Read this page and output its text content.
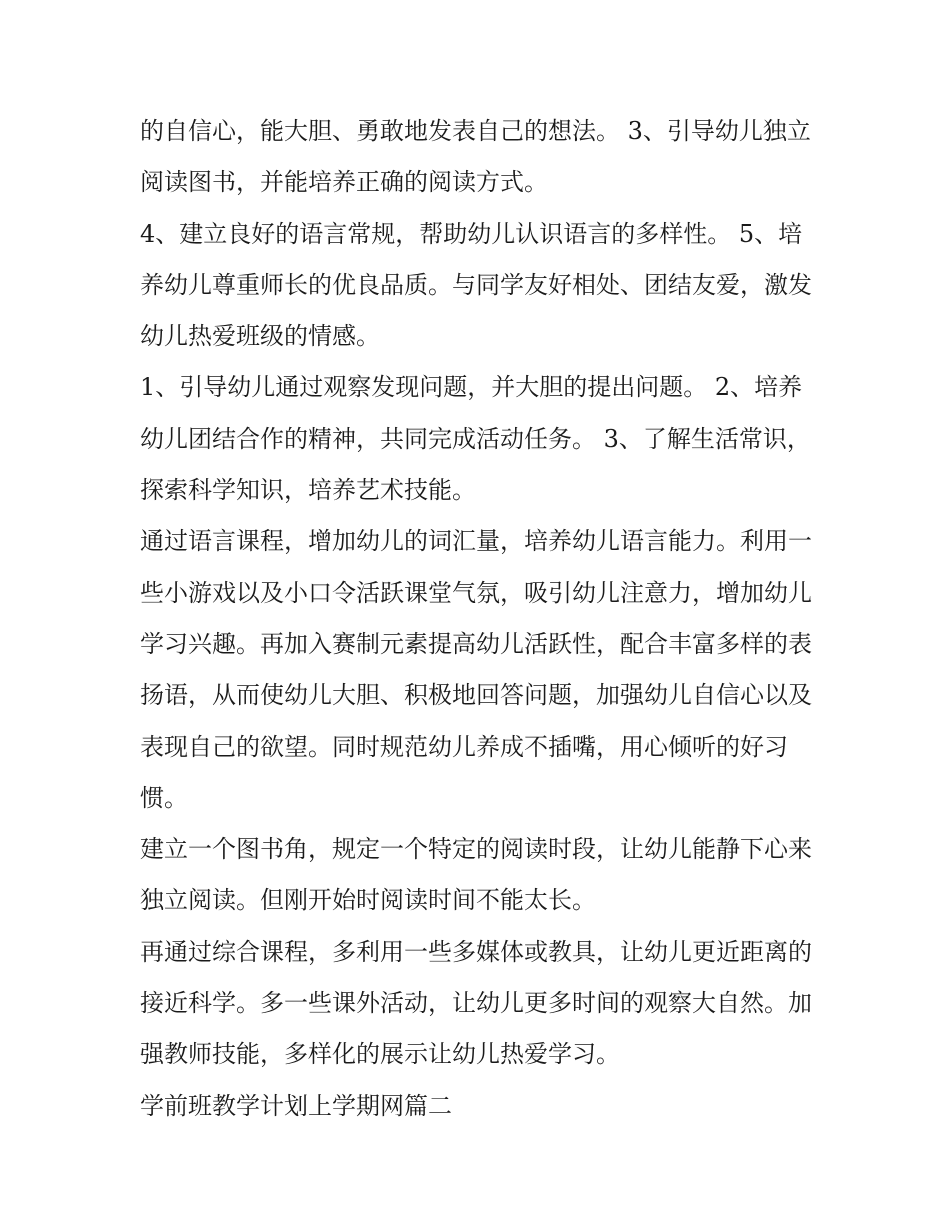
的自信心，能大胆、勇敢地发表自己的想法。 3、引导幼儿独立阅读图书，并能培养正确的阅读方式。

4、建立良好的语言常规，帮助幼儿认识语言的多样性。 5、培养幼儿尊重师长的优良品质。与同学友好相处、团结友爱，激发幼儿热爱班级的情感。

1、引导幼儿通过观察发现问题，并大胆的提出问题。 2、培养幼儿团结合作的精神，共同完成活动任务。 3、了解生活常识，探索科学知识，培养艺术技能。

通过语言课程，增加幼儿的词汇量，培养幼儿语言能力。利用一些小游戏以及小口令活跃课堂气氛，吸引幼儿注意力，增加幼儿学习兴趣。再加入赛制元素提高幼儿活跃性，配合丰富多样的表扬语，从而使幼儿大胆、积极地回答问题，加强幼儿自信心以及表现自己的欲望。同时规范幼儿养成不插嘴，用心倾听的好习惯。

建立一个图书角，规定一个特定的阅读时段，让幼儿能静下心来独立阅读。但刚开始时阅读时间不能太长。

再通过综合课程，多利用一些多媒体或教具，让幼儿更近距离的接近科学。多一些课外活动，让幼儿更多时间的观察大自然。加强教师技能，多样化的展示让幼儿热爱学习。

学前班教学计划上学期网篇二
